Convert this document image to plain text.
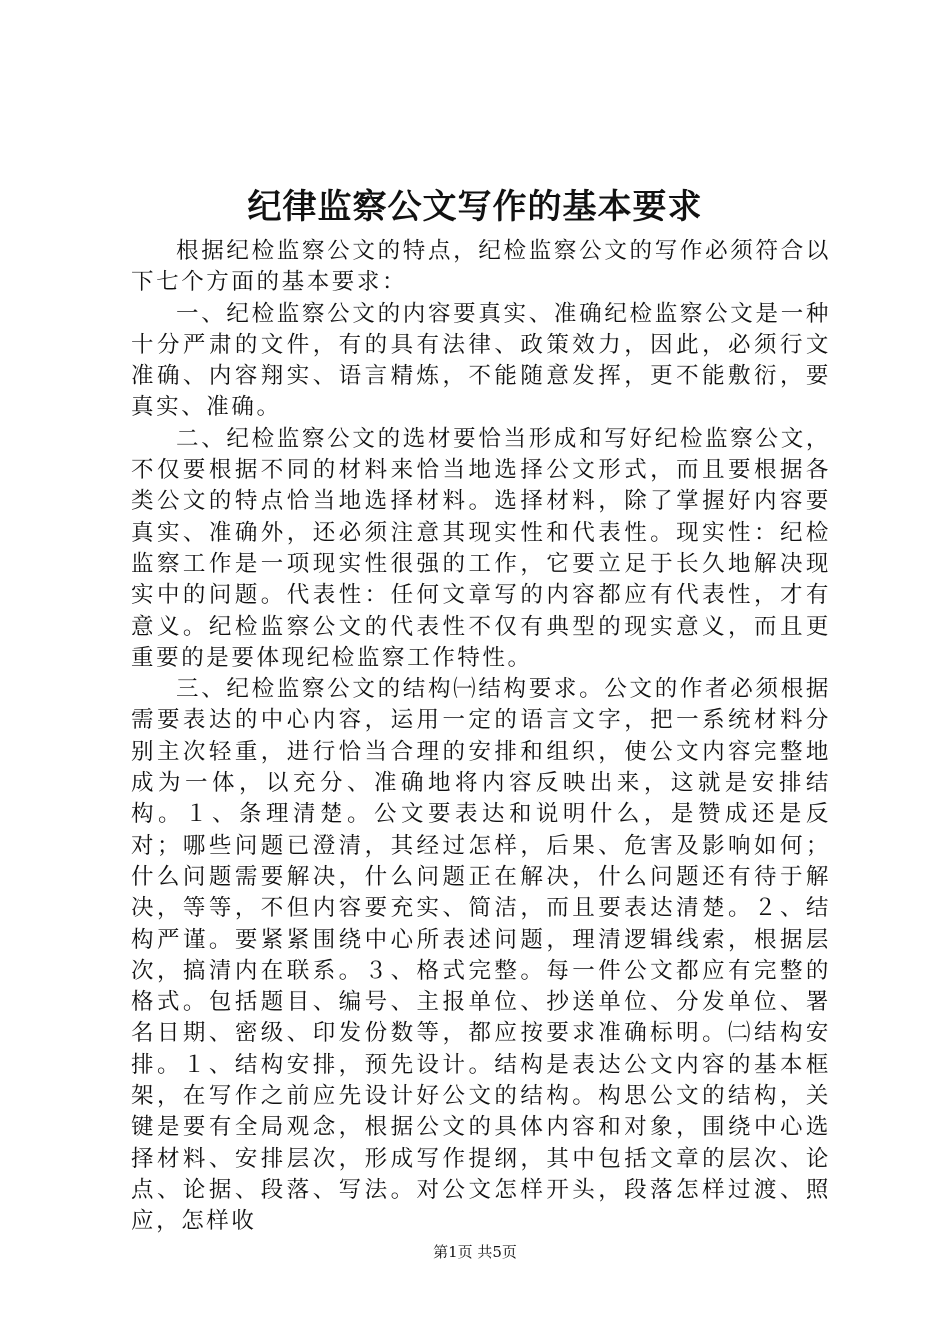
纪律监察公文写作的基本要求

根据纪检监察公文的特点，纪检监察公文的写作必须符合以下七个方面的基本要求：

一、纪检监察公文的内容要真实、准确纪检监察公文是一种十分严肃的文件，有的具有法律、政策效力，因此，必须行文准确、内容翔实、语言精炼，不能随意发挥，更不能敷衍，要真实、准确。

二、纪检监察公文的选材要恰当形成和写好纪检监察公文，不仅要根据不同的材料来恰当地选择公文形式，而且要根据各类公文的特点恰当地选择材料。选择材料，除了掌握好内容要真实、准确外，还必须注意其现实性和代表性。现实性：纪检监察工作是一项现实性很强的工作，它要立足于长久地解决现实中的问题。代表性：任何文章写的内容都应有代表性，才有意义。纪检监察公文的代表性不仅有典型的现实意义，而且更重要的是要体现纪检监察工作特性。

三、纪检监察公文的结构㈠结构要求。公文的作者必须根据需要表达的中心内容，运用一定的语言文字，把一系统材料分别主次轻重，进行恰当合理的安排和组织，使公文内容完整地成为一体，以充分、准确地将内容反映出来，这就是安排结构。１、条理清楚。公文要表达和说明什么，是赞成还是反对；哪些问题已澄清，其经过怎样，后果、危害及影响如何；什么问题需要解决，什么问题正在解决，什么问题还有待于解决，等等，不但内容要充实、简洁，而且要表达清楚。２、结构严谨。要紧紧围绕中心所表述问题，理清逻辑线索，根据层次，搞清内在联系。３、格式完整。每一件公文都应有完整的格式。包括题目、编号、主报单位、抄送单位、分发单位、署名日期、密级、印发份数等，都应按要求准确标明。㈡结构安排。１、结构安排，预先设计。结构是表达公文内容的基本框架，在写作之前应先设计好公文的结构。构思公文的结构，关键是要有全局观念，根据公文的具体内容和对象，围绕中心选择材料、安排层次，形成写作提纲，其中包括文章的层次、论点、论据、段落、写法。对公文怎样开头，段落怎样过渡、照应，怎样收

第1页 共5页
